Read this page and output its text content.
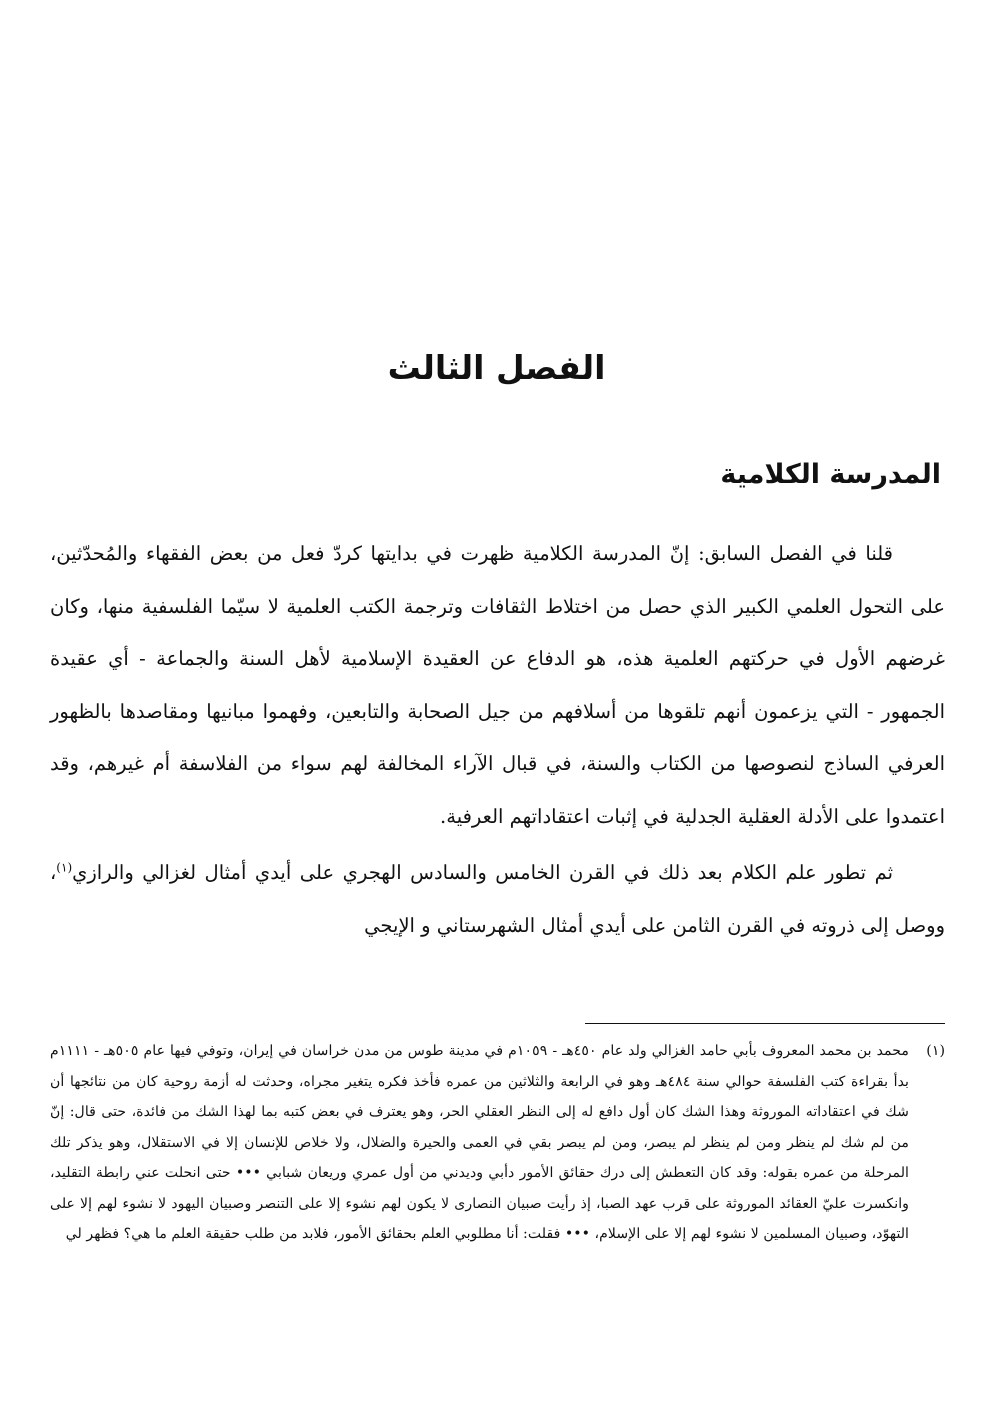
الفصل الثالث
المدرسة الكلامية

قلنا في الفصل السابق: إنّ المدرسة الكلامية ظهرت في بدايتها كردّ فعل من بعض الفقهاء والمُحدّثين، على التحول العلمي الكبير الذي حصل من اختلاط الثقافات وترجمة الكتب العلمية لا سيّما الفلسفية منها، وكان غرضهم الأول في حركتهم العلمية هذه، هو الدفاع عن العقيدة الإسلامية لأهل السنة والجماعة - أي عقيدة الجمهور - التي يزعمون أنهم تلقوها من أسلافهم من جيل الصحابة والتابعين، وفهموا مبانيها ومقاصدها بالظهور العرفي الساذج لنصوصها من الكتاب والسنة، في قبال الآراء المخالفة لهم سواء من الفلاسفة أم غيرهم، وقد اعتمدوا على الأدلة العقلية الجدلية في إثبات اعتقاداتهم العرفية.

ثم تطور علم الكلام بعد ذلك في القرن الخامس والسادس الهجري على أيدي أمثال لغزالي والرازي$^{(١)}$، ووصل إلى ذروته في القرن الثامن على أيدي أمثال الشهرستاني و الإيجي

(١)
محمد بن محمد المعروف بأبي حامد الغزالي ولد عام ٤٥٠هـ - ١٠٥٩م في مدينة طوس من مدن خراسان في إيران، وتوفي فيها عام ٥٠٥هـ - ١١١١م بدأ بقراءة كتب الفلسفة حوالي سنة ٤٨٤هـ وهو في الرابعة والثلاثين من عمره فأخذ فكره يتغير مجراه، وحدثت له أزمة روحية كان من نتائجها أن شك في اعتقاداته الموروثة وهذا الشك كان أول دافع له إلى النظر العقلي الحر، وهو يعترف في بعض كتبه بما لهذا الشك من فائدة، حتى قال: إنّ من لم شك لم ينظر ومن لم ينظر لم يبصر، ومن لم يبصر بقي في العمى والحيرة والضلال، ولا خلاص للإنسان إلا في الاستقلال، وهو يذكر تلك المرحلة من عمره بقوله: وقد كان التعطش إلى درك حقائق الأمور دأبي وديدني من أول عمري وريعان شبابي ••• حتى انحلت عني رابطة التقليد، وانكسرت عليّ العقائد الموروثة على قرب عهد الصبا، إذ رأيت صبيان النصارى لا يكون لهم نشوء إلا على التنصر وصبيان اليهود لا نشوء لهم إلا على التهوّد، وصبيان المسلمين لا نشوء لهم إلا على الإسلام، ••• فقلت: أنا مطلوبي العلم بحقائق الأمور، فلابد من طلب حقيقة العلم ما هي؟ فظهر لي
